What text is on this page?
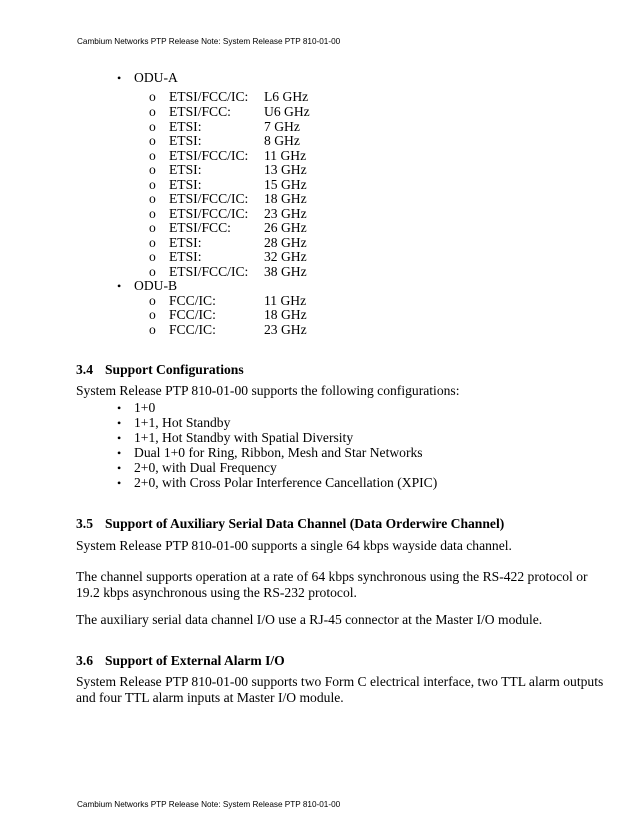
Cambium Networks PTP Release Note: System Release PTP 810-01-00
• ODU-A
o ETSI/FCC/IC: L6 GHz
o ETSI/FCC: U6 GHz
o ETSI:	7 GHz
o ETSI:	8 GHz
o ETSI/FCC/IC: 11 GHz
o ETSI:	13 GHz
o ETSI:	15 GHz
o ETSI/FCC/IC: 18 GHz
o ETSI/FCC/IC: 23 GHz
o ETSI/FCC: 26 GHz
o ETSI:	28 GHz
o ETSI:	32 GHz
o ETSI/FCC/IC: 38 GHz
• ODU-B
o FCC/IC:	11 GHz
o FCC/IC:	18 GHz
o FCC/IC:	23 GHz
3.4 Support Configurations
System Release PTP 810-01-00 supports the following configurations:
• 1+0
• 1+1, Hot Standby
• 1+1, Hot Standby with Spatial Diversity
• Dual 1+0 for Ring, Ribbon, Mesh and Star Networks
• 2+0, with Dual Frequency
• 2+0, with Cross Polar Interference Cancellation (XPIC)
3.5 Support of Auxiliary Serial Data Channel (Data Orderwire Channel)
System Release PTP 810-01-00 supports a single 64 kbps wayside data channel.
The channel supports operation at a rate of 64 kbps synchronous using the RS-422 protocol or
19.2 kbps asynchronous using the RS-232 protocol.
The auxiliary serial data channel I/O use a RJ-45 connector at the Master I/O module.
3.6 Support of External Alarm I/O
System Release PTP 810-01-00 supports two Form C electrical interface, two TTL alarm outputs
and four TTL alarm inputs at Master I/O module.
Cambium Networks PTP Release Note: System Release PTP 810-01-00
